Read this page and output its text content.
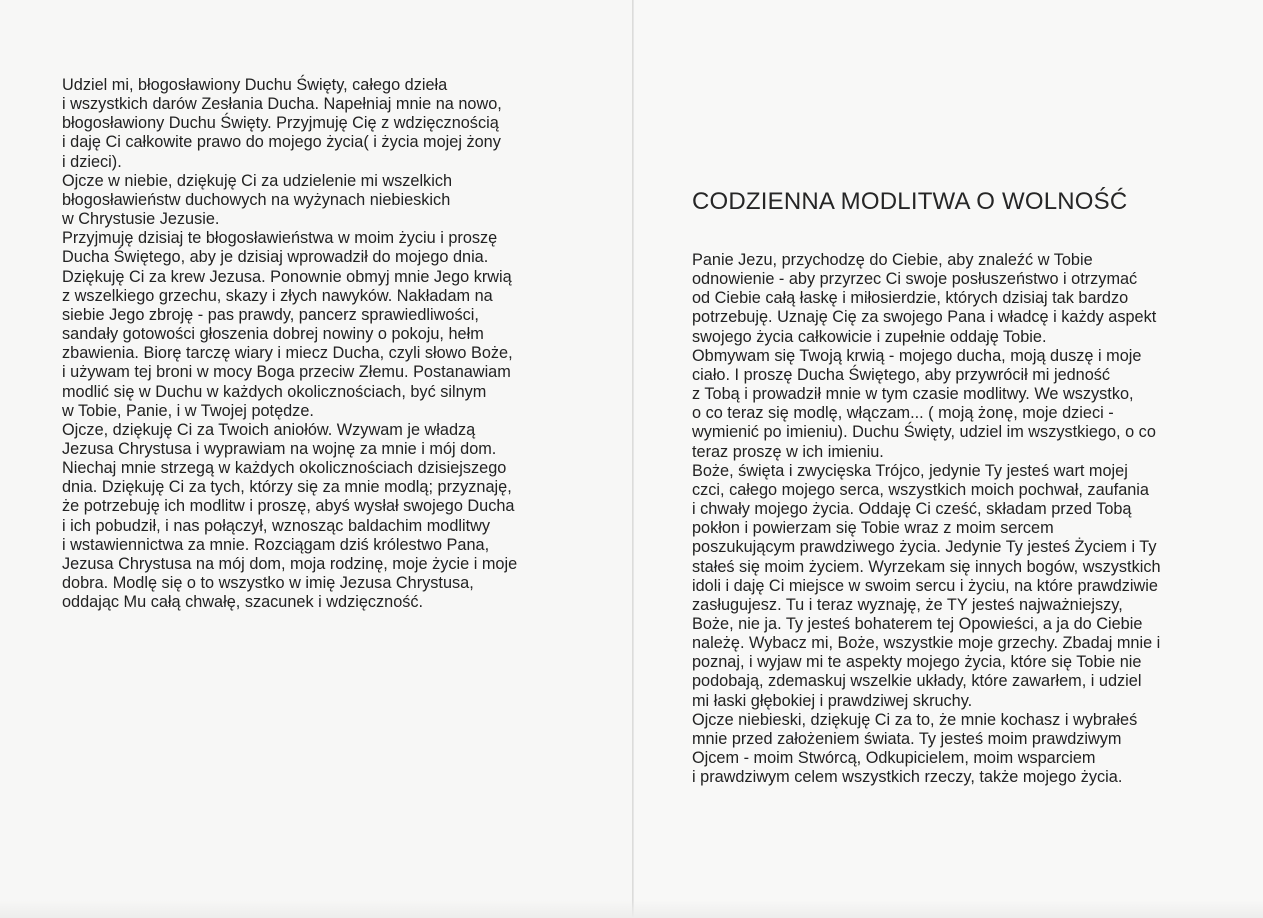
Udziel mi, błogosławiony Duchu Święty, całego dzieła
i wszystkich darów Zesłania Ducha. Napełniaj mnie na nowo,
błogosławiony Duchu Święty. Przyjmuję Cię z wdzięcznością
i daję Ci całkowite prawo do mojego życia( i życia mojej żony
i dzieci).
Ojcze w niebie, dziękuję Ci za udzielenie mi wszelkich
błogosławieństw duchowych na wyżynach niebieskich
w Chrystusie Jezusie.
Przyjmuję dzisiaj te błogosławieństwa w moim życiu i proszę
Ducha Świętego, aby je dzisiaj wprowadził do mojego dnia.
Dziękuję Ci za krew Jezusa. Ponownie obmyj mnie Jego krwią
z wszelkiego grzechu, skazy i złych nawyków. Nakładam na
siebie Jego zbroję - pas prawdy, pancerz sprawiedliwości,
sandały gotowości głoszenia dobrej nowiny o pokoju, hełm
zbawienia. Biorę tarczę wiary i miecz Ducha, czyli słowo Boże,
i używam tej broni w mocy Boga przeciw Złemu. Postanawiam
modlić się w Duchu w każdych okolicznościach, być silnym
w Tobie, Panie, i w Twojej potędze.
Ojcze, dziękuję Ci za Twoich aniołów. Wzywam je władzą
Jezusa Chrystusa i wyprawiam na wojnę za mnie i mój dom.
Niechaj mnie strzegą w każdych okolicznościach dzisiejszego
dnia. Dziękuję Ci za tych, którzy się za mnie modlą; przyznaję,
że potrzebuję ich modlitw i proszę, abyś wysłał swojego Ducha
i ich pobudził, i nas połączył, wznosząc baldachim modlitwy
i wstawiennictwa za mnie. Rozciągam dziś królestwo Pana,
Jezusa Chrystusa na mój dom, moja rodzinę, moje życie i moje
dobra. Modlę się o to wszystko w imię Jezusa Chrystusa,
oddając Mu całą chwałę, szacunek i wdzięczność.
CODZIENNA MODLITWA O WOLNOŚĆ
Panie Jezu, przychodzę do Ciebie, aby znaleźć w Tobie
odnowienie - aby przyrzec Ci swoje posłuszeństwo i otrzymać
od Ciebie całą łaskę i miłosierdzie, których dzisiaj tak bardzo
potrzebuję. Uznaję Cię za swojego Pana i władcę i każdy aspekt
swojego życia całkowicie i zupełnie oddaję Tobie.
Obmywam się Twoją krwią - mojego ducha, moją duszę i moje
ciało. I proszę Ducha Świętego, aby przywrócił mi jedność
z Tobą i prowadził mnie w tym czasie modlitwy. We wszystko,
o co teraz się modlę, włączam... ( moją żonę, moje dzieci -
wymienić po imieniu). Duchu Święty, udziel im wszystkiego, o co
teraz proszę w ich imieniu.
Boże, święta i zwycięska Trójco, jedynie Ty jesteś wart mojej
czci, całego mojego serca, wszystkich moich pochwał, zaufania
i chwały mojego życia. Oddaję Ci cześć, składam przed Tobą
pokłon i powierzam się Tobie wraz z moim sercem
poszukującym prawdziwego życia. Jedynie Ty jesteś Życiem i Ty
stałeś się moim życiem. Wyrzekam się innych bogów, wszystkich
idoli i daję Ci miejsce w swoim sercu i życiu, na które prawdziwie
zasługujesz. Tu i teraz wyznaję, że TY jesteś najważniejszy,
Boże, nie ja. Ty jesteś bohaterem tej Opowieści, a ja do Ciebie
należę. Wybacz mi, Boże, wszystkie moje grzechy. Zbadaj mnie i
poznaj, i wyjaw mi te aspekty mojego życia, które się Tobie nie
podobają, zdemaskuj wszelkie układy, które zawarłem, i udziel
mi łaski głębokiej i prawdziwej skruchy.
Ojcze niebieski, dziękuję Ci za to, że mnie kochasz i wybrałeś
mnie przed założeniem świata. Ty jesteś moim prawdziwym
Ojcem - moim Stwórcą, Odkupicielem, moim wsparciem
i prawdziwym celem wszystkich rzeczy, także mojego życia.
